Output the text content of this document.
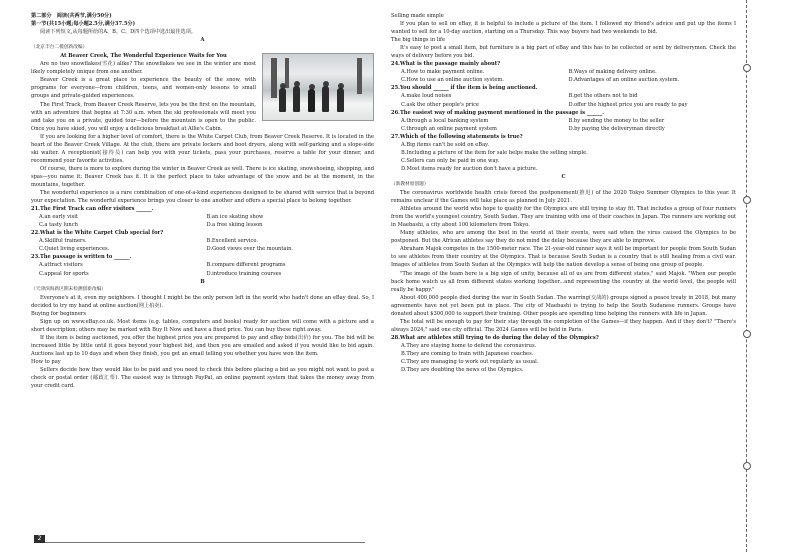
第二部分　阅读(共两节,满分50分)

第一节(共15小题;每小题2.5分,满分37.5分)

阅读下列短文,从每题所给的A、B、C、D四个选项中选出最佳选项。

A

（北京丰台二模创新改编）

At Beaver Creek, The Wonderful Experience Waits for You

Are no two snowflakes(雪花) alike? The snowflakes we see in the winter are most likely completely unique from one another.

Beaver Creek is a great place to experience the beauty of the snow, with programs for everyone—from children, teens, and women-only lessons to small groups and private-guided experiences.

The First Track, from Beaver Creek Reserve, lets you be the first on the mountain, with an adventure that begins at 7:30 a.m. when the ski professionals will meet you and take you on a private, guided tour—before the mountain is open to the public. Once you have skied, you will enjoy a delicious breakfast at Allie's Cabin.

If you are looking for a higher level of comfort, there is the White Carpet Club, from Beaver Creek Reserve. It is located in the heart of the Beaver Creek Village. At the club, there are private lockers and boot dryers, along with self-parking and a slope-side ski waiter. A receptionist(接待员) can help you with your tickets, pass your purchases, reserve a table for your dinner, and recommend your favorite activities.

Of course, there is more to explore during the winter in Beaver Creek as well. There is ice skating, snowshoeing, shopping, and spas—you name it; Beaver Creek has it. It is the perfect place to take advantage of the snow and be at the moment, in the mountains, together.

The wonderful experience is a rare combination of one-of-a-kind experiences designed to be shared with service that is beyond your expectation. The wonderful experience brings you closer to one another and offers a special place to belong together.

21.The First Track can offer visitors ______.

A.an early visit	B.an ice skating show
C.a tasty lunch	D.a free skiing lesson

22.What is the White Carpet Club special for?

A.Skillful trainers.	B.Excellent service.
C.Quiet living experiences.	D.Good views over the mountain.

23.The passage is written to ______.

A.attract visitors	B.compare different programs
C.appeal for sports	D.introduce training courses

B

（天津滨海新区期末检测创新改编）

Everyone's at it, even my neighbors. I thought I might be the only person left in the world who hadn't done an eBay deal. So, I decided to try my hand at online auction(网上拍卖).

Buying for beginners

Sign up on www.eBay.co.uk. Most items (e.g. tables, computers and books) ready for auction will come with a picture and a short description; others may be marked with Buy It Now and have a fixed price. You can buy these right away.

If the item is being auctioned, you offer the highest price you are prepared to pay and eBay bids(出价) for you. The bid will be increased little by little until it goes beyond your highest bid, and then you are emailed and asked if you would like to bid again. Auctions last up to 10 days and when they finish, you get an email telling you whether you have won the item.

How to pay

Sellers decide how they would like to be paid and you need to check this before placing a bid as you might not want to post a check or postal order (邮政汇票). The easiest way is through PayPal, an online payment system that takes the money away from your credit card.

Selling made simple

If you plan to sell on eBay, it is helpful to include a picture of the item. I followed my friend's advice and put up the items I wanted to sell for a 10-day auction, starting on a Thursday. This way buyers had two weekends to bid.

The big things in life

It's easy to post a small item, but furniture is a big part of eBay and this has to be collected or sent by deliverymen. Check the ways of delivery before you bid.

24.What is the passage mainly about?

A.How to make payment online.	B.Ways of making delivery online.
C.How to use an online auction system.	D.Advantages of an online auction system.

25.You should ______ if the item is being auctioned.

A.make loud noises	B.get the others not to bid
C.ask the other people's price	D.offer the highest price you are ready to pay

26.The easiest way of making payment mentioned in the passage is ______.

A.through a local banking system	B.by sending the money to the seller
C.through an online payment system	D.by paying the deliveryman directly

27.Which of the following statements is true?

A.Big items can't be sold on eBay.

B.Including a picture of the item for sale helps make the selling simple.

C.Sellers can only be paid in one way.

D.Most items ready for auction don't have a picture.

C

（新教材原创题）

The coronavirus worldwide health crisis forced the postponement(推迟) of the 2020 Tokyo Summer Olympics to this year. It remains unclear if the Games will take place as planned in July 2021.

Athletes around the world who hope to qualify for the Olympics are still trying to stay fit. That includes a group of four runners from the world's youngest country, South Sudan. They are training with one of their coaches in Japan. The runners are working out in Maebashi, a city about 100 kilometers from Tokyo.

Many athletes, who are among the best in the world at their events, were sad when the virus caused the Olympics to be postponed. But the African athletes say they do not mind the delay because they are able to improve.

Abraham Majok competes in the 1500-meter race. The 21-year-old runner says it will be important for people from South Sudan to see athletes from their country at the Olympics. That is because South Sudan is a country that is still healing from a civil war. Images of athletes from South Sudan at the Olympics will help the nation develop a sense of being one group of people.

"The image of the team here is a big sign of unity, because all of us are from different states," said Majok. "When our people back home watch us all from different states working together...and representing the country at the world level, the people will really be happy."

About 400,000 people died during the war in South Sudan. The warring(交战的) groups signed a peace treaty in 2018, but many agreements have not yet been put in place. The city of Maebashi is trying to help the South Sudanese runners. Groups have donated about $300,000 to support their training. Other people are spending time helping the runners with life in Japan.

The total will be enough to pay for their stay through the completion of the Games—if they happen. And if they don't? "There's always 2024," said one city official. The 2024 Games will be held in Paris.

28.What are athletes still trying to do during the delay of the Olympics?

A.They are staying home to defend the coronavirus.

B.They are coming to train with Japanese coaches.

C.They are managing to work out regularly as usual.

D.They are doubting the news of the Olympics.

2
